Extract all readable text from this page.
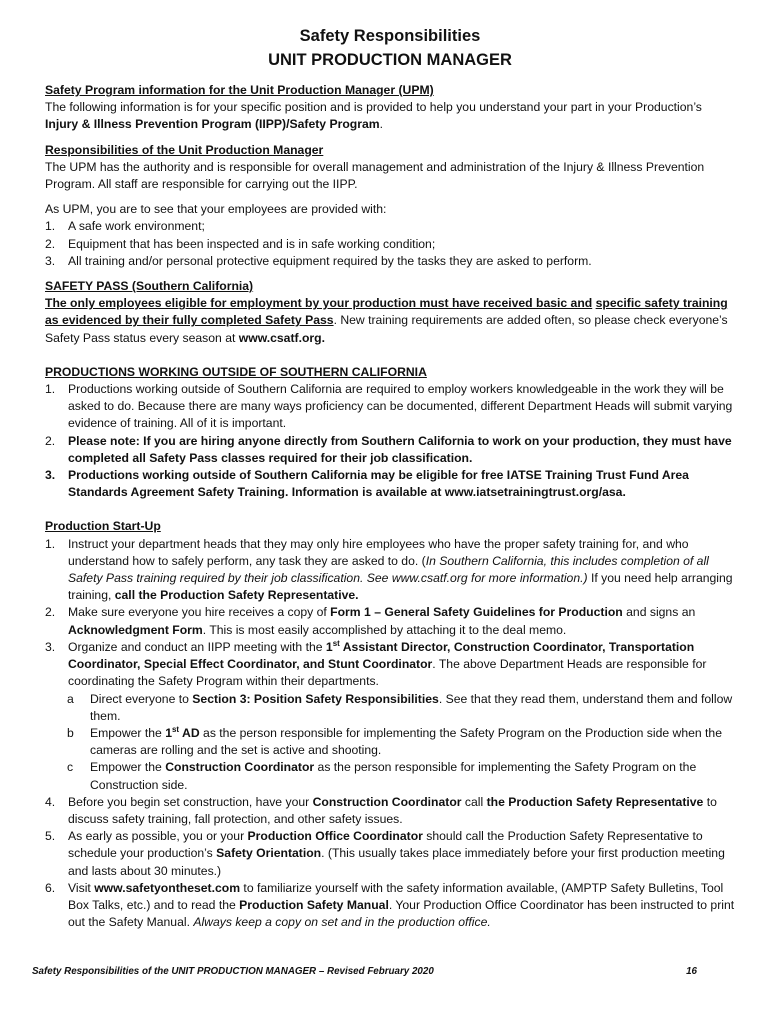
Safety Responsibilities
UNIT PRODUCTION MANAGER
Safety Program information for the Unit Production Manager (UPM)
The following information is for your specific position and is provided to help you understand your part in your Production’s Injury & Illness Prevention Program (IIPP)/Safety Program.
Responsibilities of the Unit Production Manager
The UPM has the authority and is responsible for overall management and administration of the Injury & Illness Prevention Program. All staff are responsible for carrying out the IIPP.
As UPM, you are to see that your employees are provided with:
1. A safe work environment;
2. Equipment that has been inspected and is in safe working condition;
3. All training and/or personal protective equipment required by the tasks they are asked to perform.
SAFETY PASS (Southern California)
The only employees eligible for employment by your production must have received basic and specific safety training as evidenced by their fully completed Safety Pass. New training requirements are added often, so please check everyone’s Safety Pass status every season at www.csatf.org.
PRODUCTIONS WORKING OUTSIDE OF SOUTHERN CALIFORNIA
1. Productions working outside of Southern California are required to employ workers knowledgeable in the work they will be asked to do. Because there are many ways proficiency can be documented, different Department Heads will submit varying evidence of training. All of it is important.
2. Please note: If you are hiring anyone directly from Southern California to work on your production, they must have completed all Safety Pass classes required for their job classification.
3. Productions working outside of Southern California may be eligible for free IATSE Training Trust Fund Area Standards Agreement Safety Training. Information is available at www.iatsetrainingtrust.org/asa.
Production Start-Up
1. Instruct your department heads that they may only hire employees who have the proper safety training for, and who understand how to safely perform, any task they are asked to do. (In Southern California, this includes completion of all Safety Pass training required by their job classification. See www.csatf.org for more information.) If you need help arranging training, call the Production Safety Representative.
2. Make sure everyone you hire receives a copy of Form 1 – General Safety Guidelines for Production and signs an Acknowledgment Form. This is most easily accomplished by attaching it to the deal memo.
3. Organize and conduct an IIPP meeting with the 1st Assistant Director, Construction Coordinator, Transportation Coordinator, Special Effect Coordinator, and Stunt Coordinator. The above Department Heads are responsible for coordinating the Safety Program within their departments.
a Direct everyone to Section 3: Position Safety Responsibilities. See that they read them, understand them and follow them.
b Empower the 1st AD as the person responsible for implementing the Safety Program on the Production side when the cameras are rolling and the set is active and shooting.
c Empower the Construction Coordinator as the person responsible for implementing the Safety Program on the Construction side.
4. Before you begin set construction, have your Construction Coordinator call the Production Safety Representative to discuss safety training, fall protection, and other safety issues.
5. As early as possible, you or your Production Office Coordinator should call the Production Safety Representative to schedule your production’s Safety Orientation. (This usually takes place immediately before your first production meeting and lasts about 30 minutes.)
6. Visit www.safetyontheset.com to familiarize yourself with the safety information available, (AMPTP Safety Bulletins, Tool Box Talks, etc.) and to read the Production Safety Manual. Your Production Office Coordinator has been instructed to print out the Safety Manual. Always keep a copy on set and in the production office.
Safety Responsibilities of the UNIT PRODUCTION MANAGER – Revised February 2020	16
